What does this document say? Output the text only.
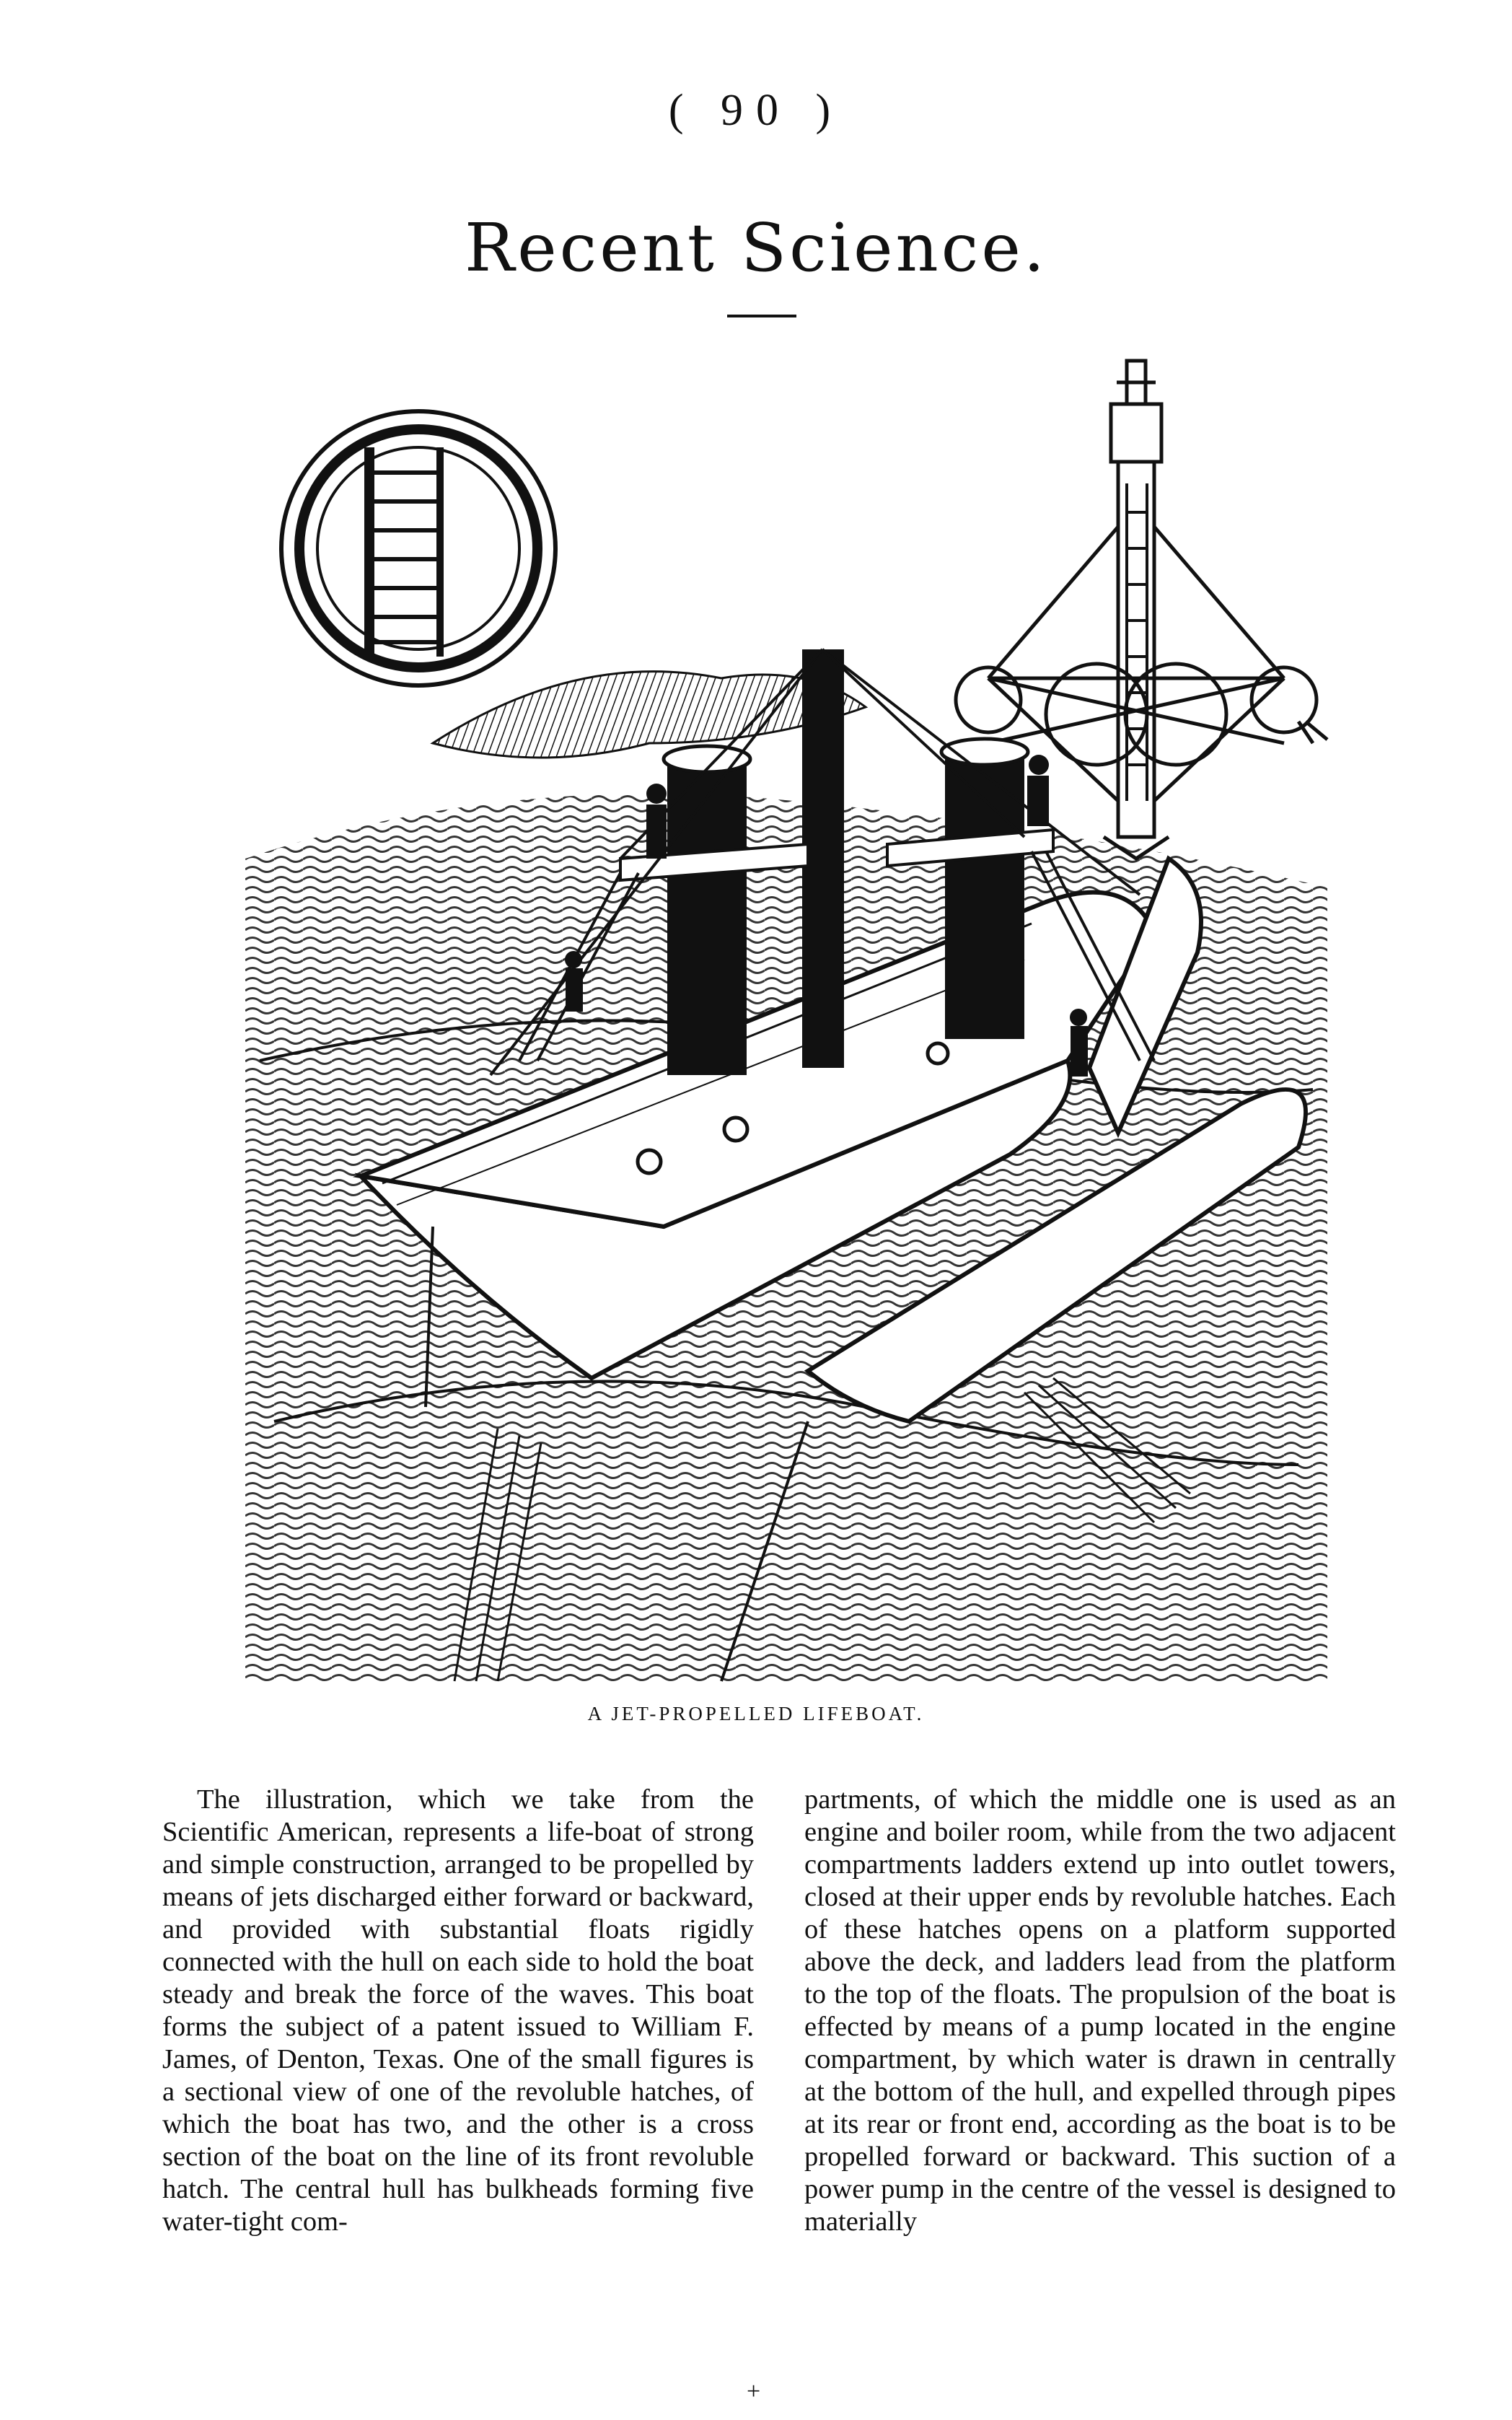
( 90 )
Recent Science.
A JET-PROPELLED LIFEBOAT.

The illustration, which we take from the Scientific American, represents a life-boat of strong and simple construction, arranged to be propelled by means of jets discharged either forward or backward, and provided with substantial floats rigidly connected with the hull on each side to hold the boat steady and break the force of the waves. This boat forms the subject of a patent issued to William F. James, of Denton, Texas. One of the small figures is a sectional view of one of the revoluble hatches, of which the boat has two, and the other is a cross section of the boat on the line of its front revoluble hatch. The central hull has bulkheads forming five water-tight com-

partments, of which the middle one is used as an engine and boiler room, while from the two adjacent compartments ladders extend up into outlet towers, closed at their upper ends by revoluble hatches. Each of these hatches opens on a platform supported above the deck, and ladders lead from the platform to the top of the floats. The propulsion of the boat is effected by means of a pump located in the engine compartment, by which water is drawn in centrally at the bottom of the hull, and expelled through pipes at its rear or front end, according as the boat is to be propelled forward or backward. This suction of a power pump in the centre of the vessel is designed to materially

+
